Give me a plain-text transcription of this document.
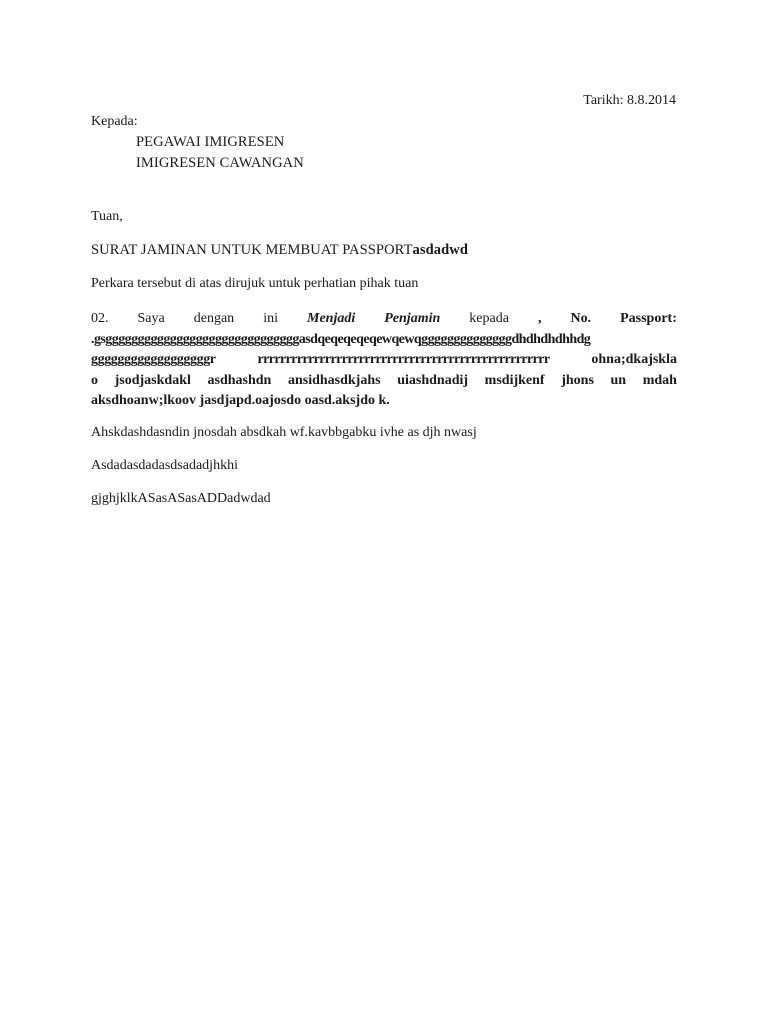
Tarikh: 8.8.2014
Kepada:
PEGAWAI IMIGRESEN
IMIGRESEN CAWANGAN
Tuan,
SURAT JAMINAN UNTUK MEMBUAT PASSPORTasdadwd
Perkara tersebut di atas dirujuk untuk perhatian pihak tuan
02. Saya dengan ini Menjadi Penjamin kepada , No. Passport:
.gsggggggggggggggggggggggggggggggasdqeqeqeqeqewqewqggggggggggggggdhdhdhdhhdg
ggggggggggggggggggr	rrrrrrrrrrrrrrrrrrrrrrrrrrrrrrrrrrrrrrrrrrrrrrrrrrrr	ohna;dkajskla
o jsodjaskdakl asdhashdn ansidhasdkjahs uiashdnadij msdijkenf jhons un mdah
aksdhoanw;lkoov jasdjapd.oajosdo oasd.aksjdo k.
Ahskdashdasndin jnosdah absdkah wf.kavbbgabku ivhe as djh nwasj
Asdadasdadasdsadadjhkhi
gjghjklkASasASasADDadwdad
